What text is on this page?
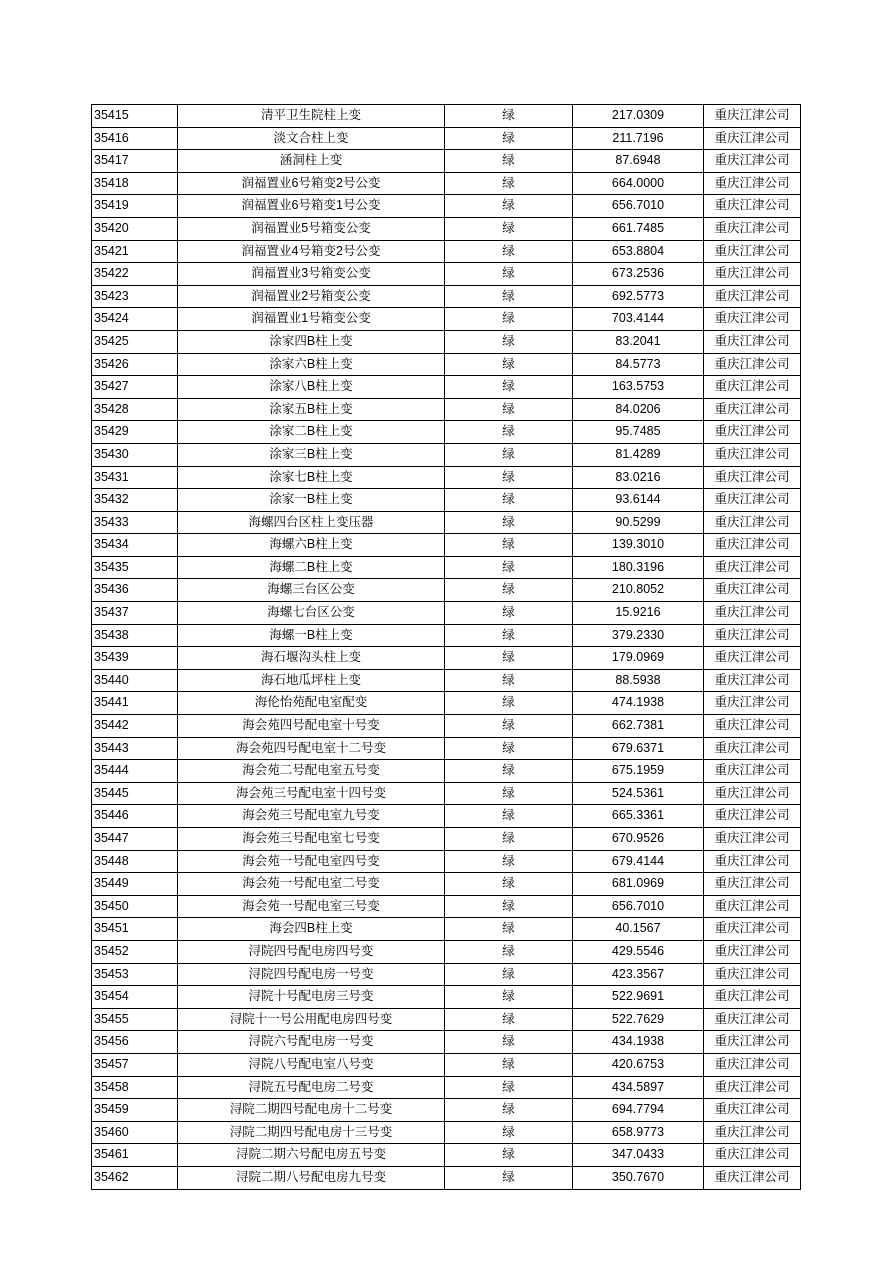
35415	清平卫生院柱上变	绿	217.0309	重庆江津公司
35416	淡文合柱上变	绿	211.7196	重庆江津公司
35417	涵洞柱上变	绿	87.6948	重庆江津公司
35418	润福置业6号箱变2号公变	绿	664.0000	重庆江津公司
35419	润福置业6号箱变1号公变	绿	656.7010	重庆江津公司
35420	润福置业5号箱变公变	绿	661.7485	重庆江津公司
35421	润福置业4号箱变2号公变	绿	653.8804	重庆江津公司
35422	润福置业3号箱变公变	绿	673.2536	重庆江津公司
35423	润福置业2号箱变公变	绿	692.5773	重庆江津公司
35424	润福置业1号箱变公变	绿	703.4144	重庆江津公司
35425	涂家四B柱上变	绿	83.2041	重庆江津公司
35426	涂家六B柱上变	绿	84.5773	重庆江津公司
35427	涂家八B柱上变	绿	163.5753	重庆江津公司
35428	涂家五B柱上变	绿	84.0206	重庆江津公司
35429	涂家二B柱上变	绿	95.7485	重庆江津公司
35430	涂家三B柱上变	绿	81.4289	重庆江津公司
35431	涂家七B柱上变	绿	83.0216	重庆江津公司
35432	涂家一B柱上变	绿	93.6144	重庆江津公司
35433	海螺四台区柱上变压器	绿	90.5299	重庆江津公司
35434	海螺六B柱上变	绿	139.3010	重庆江津公司
35435	海螺二B柱上变	绿	180.3196	重庆江津公司
35436	海螺三台区公变	绿	210.8052	重庆江津公司
35437	海螺七台区公变	绿	15.9216	重庆江津公司
35438	海螺一B柱上变	绿	379.2330	重庆江津公司
35439	海石堰沟头柱上变	绿	179.0969	重庆江津公司
35440	海石地瓜坪柱上变	绿	88.5938	重庆江津公司
35441	海伦怡苑配电室配变	绿	474.1938	重庆江津公司
35442	海会苑四号配电室十号变	绿	662.7381	重庆江津公司
35443	海会苑四号配电室十二号变	绿	679.6371	重庆江津公司
35444	海会苑二号配电室五号变	绿	675.1959	重庆江津公司
35445	海会苑三号配电室十四号变	绿	524.5361	重庆江津公司
35446	海会苑三号配电室九号变	绿	665.3361	重庆江津公司
35447	海会苑三号配电室七号变	绿	670.9526	重庆江津公司
35448	海会苑一号配电室四号变	绿	679.4144	重庆江津公司
35449	海会苑一号配电室二号变	绿	681.0969	重庆江津公司
35450	海会苑一号配电室三号变	绿	656.7010	重庆江津公司
35451	海会四B柱上变	绿	40.1567	重庆江津公司
35452	浔院四号配电房四号变	绿	429.5546	重庆江津公司
35453	浔院四号配电房一号变	绿	423.3567	重庆江津公司
35454	浔院十号配电房三号变	绿	522.9691	重庆江津公司
35455	浔院十一号公用配电房四号变	绿	522.7629	重庆江津公司
35456	浔院六号配电房一号变	绿	434.1938	重庆江津公司
35457	浔院八号配电室八号变	绿	420.6753	重庆江津公司
35458	浔院五号配电房二号变	绿	434.5897	重庆江津公司
35459	浔院二期四号配电房十二号变	绿	694.7794	重庆江津公司
35460	浔院二期四号配电房十三号变	绿	658.9773	重庆江津公司
35461	浔院二期六号配电房五号变	绿	347.0433	重庆江津公司
35462	浔院二期八号配电房九号变	绿	350.7670	重庆江津公司
